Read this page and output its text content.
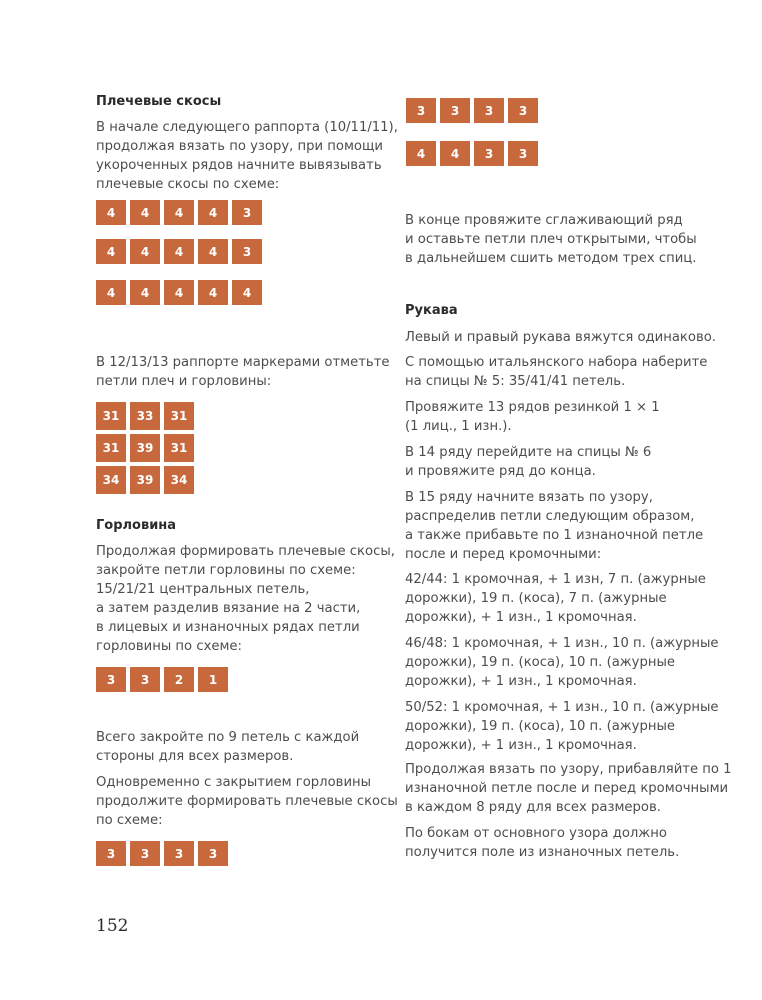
Плечевые скосы

В начале следующего раппорта (10/11/11),
продолжая вязать по узору, при помощи
укороченных рядов начните вывязывать
плечевые скосы по схеме:

4	4	4	4	3
4	4	4	4	3
4	4	4	4	4

В 12/13/13 раппорте маркерами отметьте
петли плеч и горловины:

31	33	31
31	39	31
34	39	34
Горловина

Продолжая формировать плечевые скосы,
закройте петли горловины по схеме:
15/21/21 центральных петель,
а затем разделив вязание на 2 части,
в лицевых и изнаночных рядах петли
горловины по схеме:

3	3	2	1

Всего закройте по 9 петель с каждой
стороны для всех размеров.

Одновременно с закрытием горловины
продолжите формировать плечевые скосы
по схеме:

3	3	3	3
3	3	3	3
4	4	3	3

В конце провяжите сглаживающий ряд
и оставьте петли плеч открытыми, чтобы
в дальнейшем сшить методом трех спиц.

Рукава

Левый и правый рукава вяжутся одинаково.

С помощью итальянского набора наберите
на спицы № 5: 35/41/41 петель.

Провяжите 13 рядов резинкой 1 × 1
(1 лиц., 1 изн.).

В 14 ряду перейдите на спицы № 6
и провяжите ряд до конца.

В 15 ряду начните вязать по узору,
распределив петли следующим образом,
а также прибавьте по 1 изнаночной петле
после и перед кромочными:

42/44: 1 кромочная, + 1 изн, 7 п. (ажурные
дорожки), 19 п. (коса), 7 п. (ажурные
дорожки), + 1 изн., 1 кромочная.

46/48: 1 кромочная, + 1 изн., 10 п. (ажурные
дорожки), 19 п. (коса), 10 п. (ажурные
дорожки), + 1 изн., 1 кромочная.

50/52: 1 кромочная, + 1 изн., 10 п. (ажурные
дорожки), 19 п. (коса), 10 п. (ажурные
дорожки), + 1 изн., 1 кромочная.

Продолжая вязать по узору, прибавляйте по 1
изнаночной петле после и перед кромочными
в каждом 8 ряду для всех размеров.

По бокам от основного узора должно
получится поле из изнаночных петель.

152
